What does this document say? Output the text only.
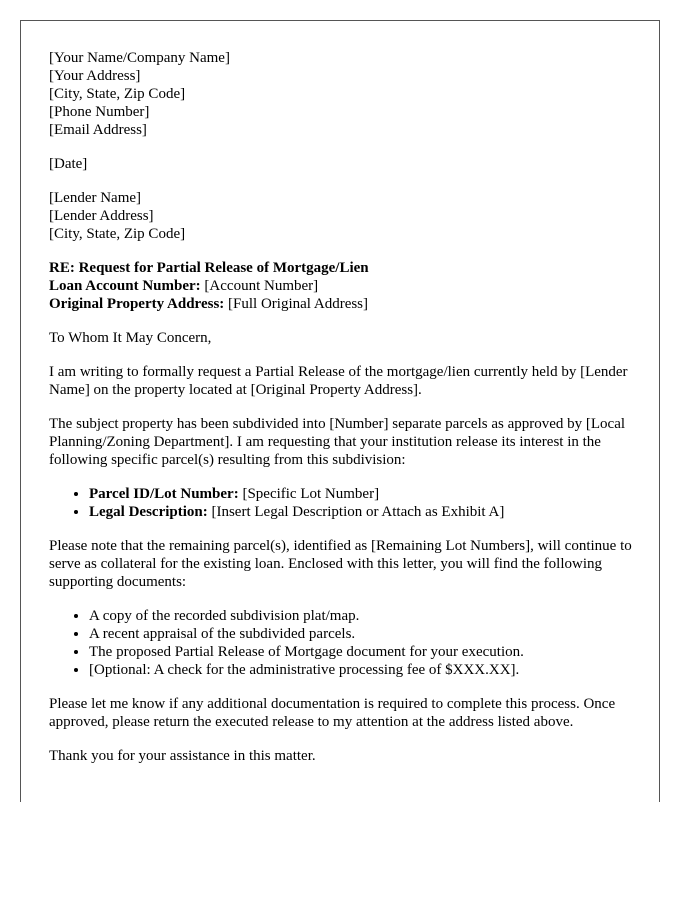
[Your Name/Company Name]
[Your Address]
[City, State, Zip Code]
[Phone Number]
[Email Address]
[Date]
[Lender Name]
[Lender Address]
[City, State, Zip Code]
RE: Request for Partial Release of Mortgage/Lien
Loan Account Number: [Account Number]
Original Property Address: [Full Original Address]

To Whom It May Concern,

I am writing to formally request a Partial Release of the mortgage/lien currently held by [Lender Name] on the property located at [Original Property Address].

The subject property has been subdivided into [Number] separate parcels as approved by [Local Planning/Zoning Department]. I am requesting that your institution release its interest in the following specific parcel(s) resulting from this subdivision:

• Parcel ID/Lot Number: [Specific Lot Number]
• Legal Description: [Insert Legal Description or Attach as Exhibit A]

Please note that the remaining parcel(s), identified as [Remaining Lot Numbers], will continue to serve as collateral for the existing loan. Enclosed with this letter, you will find the following supporting documents:

• A copy of the recorded subdivision plat/map.
• A recent appraisal of the subdivided parcels.
• The proposed Partial Release of Mortgage document for your execution.
• [Optional: A check for the administrative processing fee of $XXX.XX].

Please let me know if any additional documentation is required to complete this process. Once approved, please return the executed release to my attention at the address listed above.

Thank you for your assistance in this matter.
